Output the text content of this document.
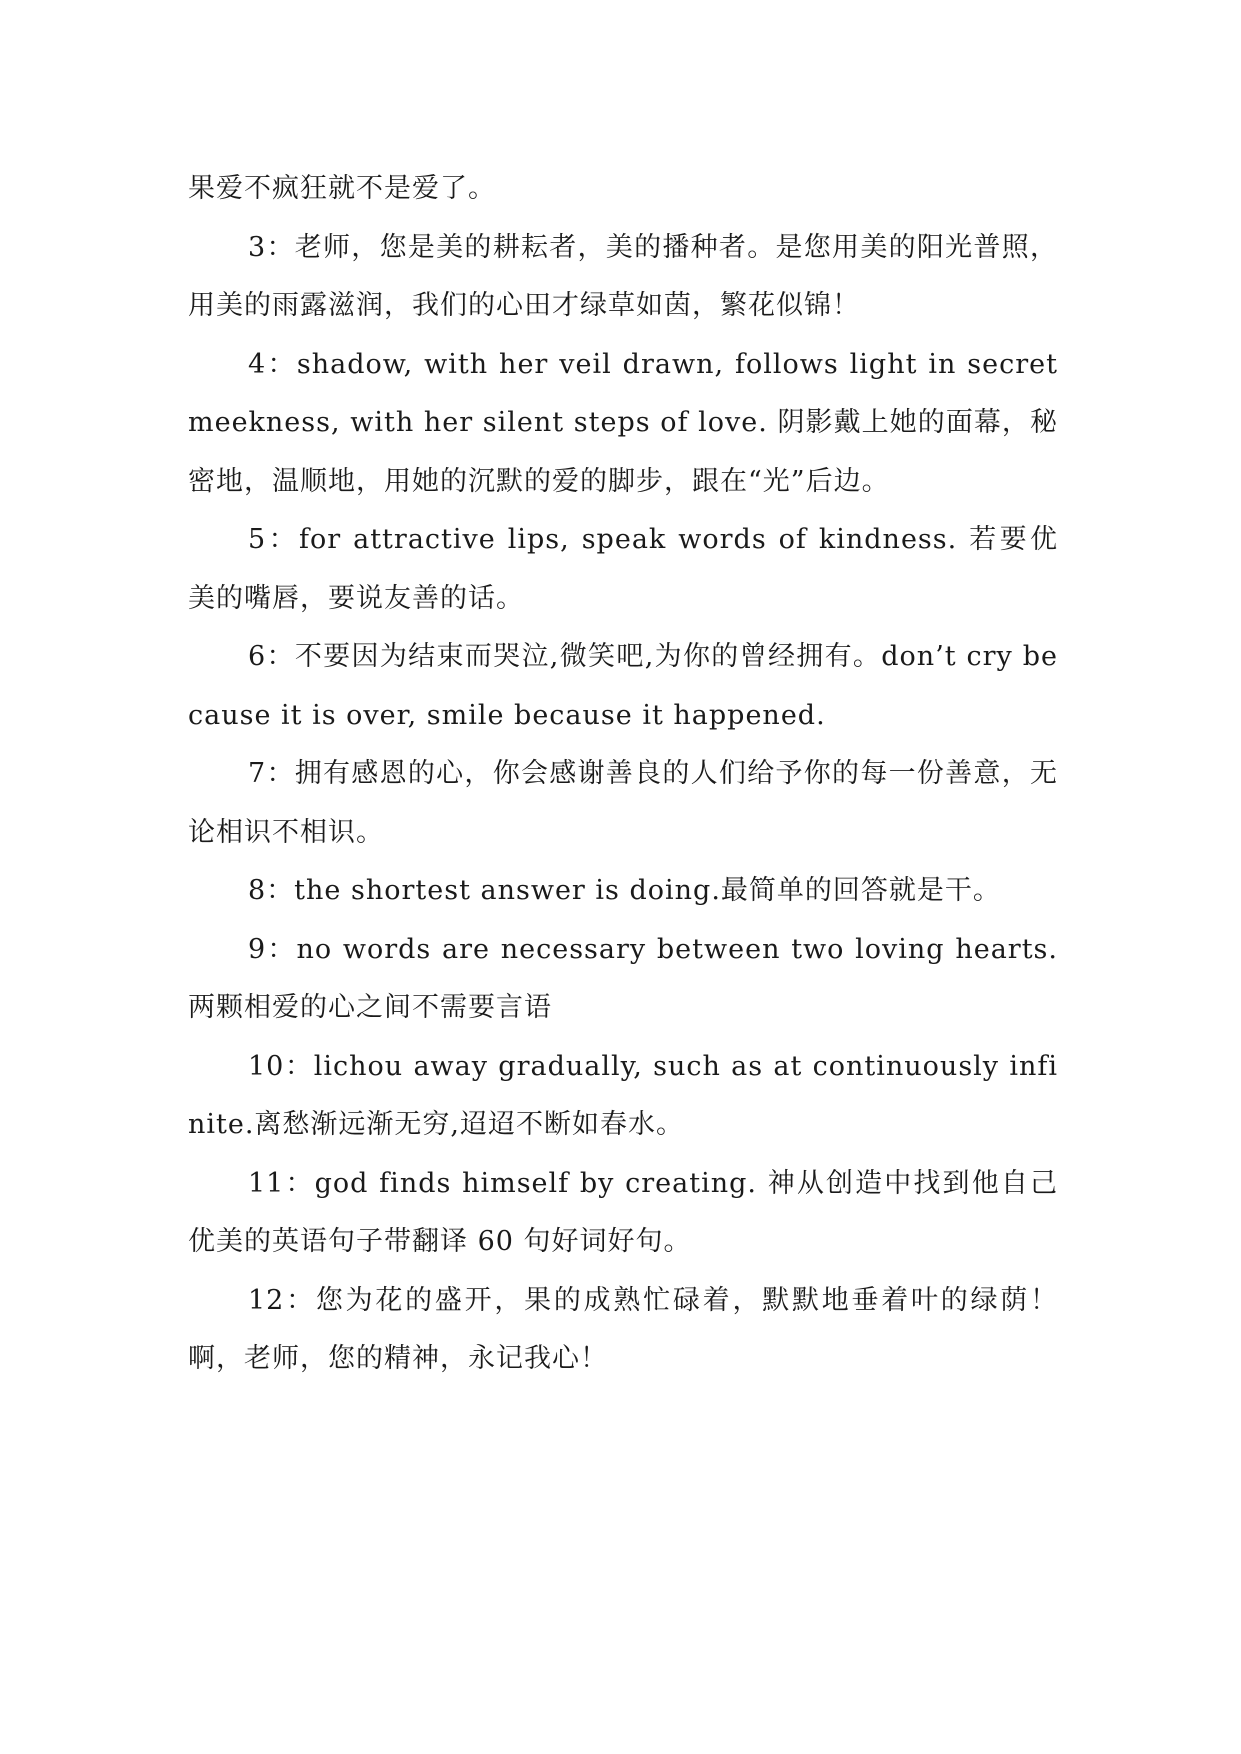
果爱不疯狂就不是爱了。

3：老师，您是美的耕耘者，美的播种者。是您用美的阳光普照，用美的雨露滋润，我们的心田才绿草如茵，繁花似锦！

4：shadow, with her veil drawn, follows light in secret meekness, with her silent steps of love. 阴影戴上她的面幕，秘密地，温顺地，用她的沉默的爱的脚步，跟在“光”后边。

5：for attractive lips, speak words of kindness. 若要优美的嘴唇，要说友善的话。

6：不要因为结束而哭泣,微笑吧,为你的曾经拥有。don’t cry because it is over, smile because it happened.

7：拥有感恩的心，你会感谢善良的人们给予你的每一份善意，无论相识不相识。

8：the shortest answer is doing.最简单的回答就是干。

9：no words are necessary between two loving hearts. 两颗相爱的心之间不需要言语

10：lichou away gradually, such as at continuously infinite.离愁渐远渐无穷,迢迢不断如春水。

11：god finds himself by creating. 神从创造中找到他自己优美的英语句子带翻译 60 句好词好句。

12：您为花的盛开，果的成熟忙碌着，默默地垂着叶的绿荫！啊，老师，您的精神，永记我心！
